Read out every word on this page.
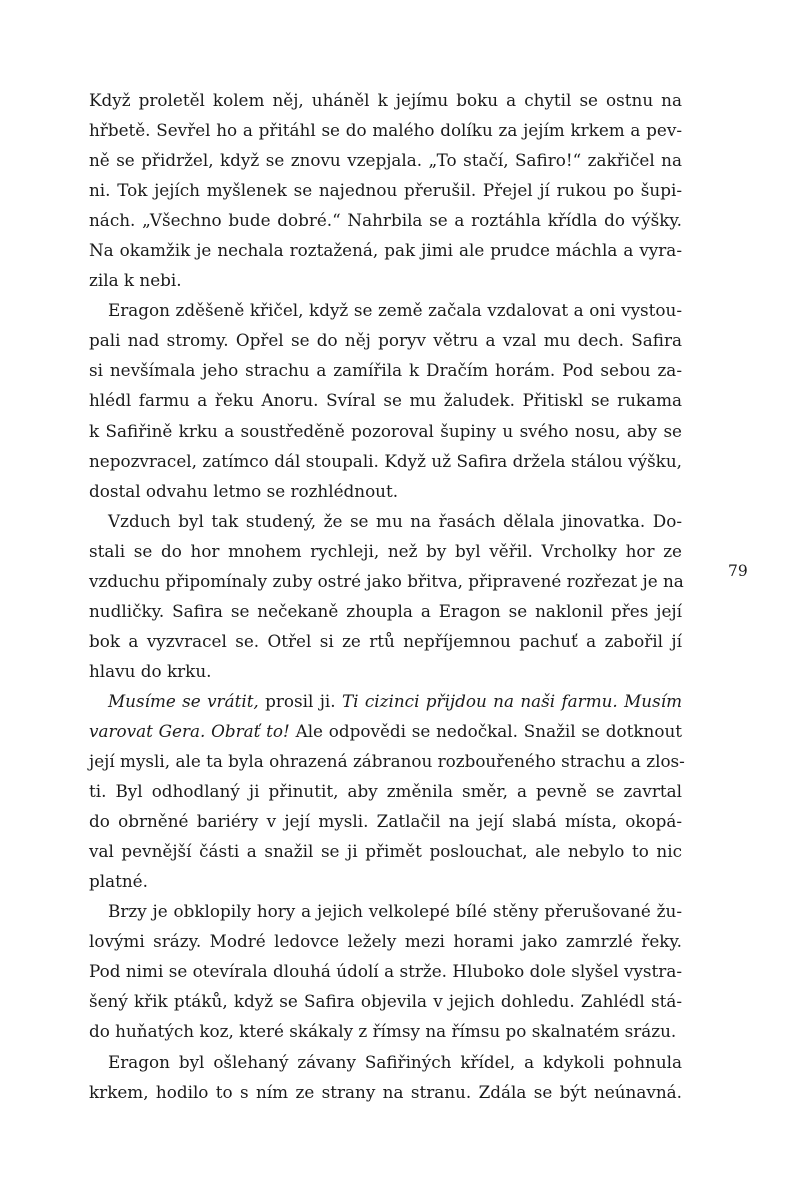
Když proletěl kolem něj, uháněl k jejímu boku a chytil se ostnu na
hřbetě. Sevřel ho a přitáhl se do malého dolíku za jejím krkem a pev-
ně se přidržel, když se znovu vzepjala. „To stačí, Safiro!“ zakřičel na
ni. Tok jejích myšlenek se najednou přerušil. Přejel jí rukou po šupi-
nách. „Všechno bude dobré.“ Nahrbila se a roztáhla křídla do výšky.
Na okamžik je nechala roztažená, pak jimi ale prudce máchla a vyra-
zila k nebi.
Eragon zděšeně křičel, když se země začala vzdalovat a oni vystou-
pali nad stromy. Opřel se do něj poryv větru a vzal mu dech. Safira
si nevšímala jeho strachu a zamířila k Dračím horám. Pod sebou za-
hlédl farmu a řeku Anoru. Svíral se mu žaludek. Přitiskl se rukama
k Safiřině krku a soustředěně pozoroval šupiny u svého nosu, aby se
nepozvracel, zatímco dál stoupali. Když už Safira držela stálou výšku,
dostal odvahu letmo se rozhlédnout.
Vzduch byl tak studený, že se mu na řasách dělala jinovatka. Do-
stali se do hor mnohem rychleji, než by byl věřil. Vrcholky hor ze
vzduchu připomínaly zuby ostré jako břitva, připravené rozřezat je na
nudličky. Safira se nečekaně zhoupla a Eragon se naklonil přes její
bok a vyzvracel se. Otřel si ze rtů nepříjemnou pachuť a zabořil jí
hlavu do krku.
Musíme se vrátit, prosil ji. Ti cizinci přijdou na naši farmu. Musím
varovat Gera. Obrať to! Ale odpovědi se nedočkal. Snažil se dotknout
její mysli, ale ta byla ohrazená zábranou rozbouřeného strachu a zlos-
ti. Byl odhodlaný ji přinutit, aby změnila směr, a pevně se zavrtal
do obrněné bariéry v její mysli. Zatlačil na její slabá místa, okopá-
val pevnější části a snažil se ji přimět poslouchat, ale nebylo to nic
platné.
Brzy je obklopily hory a jejich velkolepé bílé stěny přerušované žu-
lovými srázy. Modré ledovce ležely mezi horami jako zamrzlé řeky.
Pod nimi se otevírala dlouhá údolí a strže. Hluboko dole slyšel vystra-
šený křik ptáků, když se Safira objevila v jejich dohledu. Zahlédl stá-
do huňatých koz, které skákaly z římsy na římsu po skalnatém srázu.
Eragon byl ošlehaný závany Safiřiných křídel, a kdykoli pohnula
krkem, hodilo to s ním ze strany na stranu. Zdála se být neúnavná.
79
